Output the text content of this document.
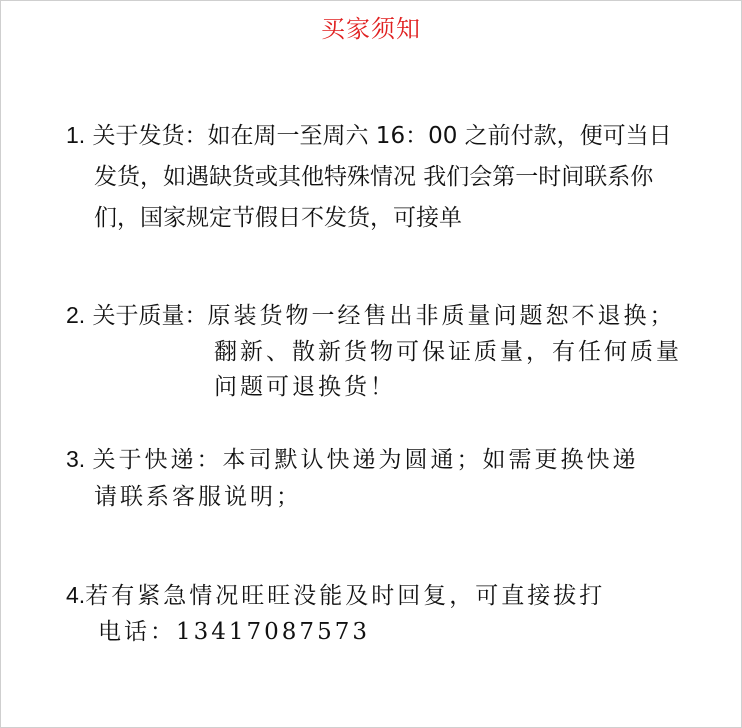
买家须知
1. 关于发货：如在周一至周六 16：00 之前付款，便可当日
发货，如遇缺货或其他特殊情况 我们会第一时间联系你
们，国家规定节假日不发货，可接单
2. 关于质量：原装货物一经售出非质量问题恕不退换；
翻新、散新货物可保证质量，有任何质量
问题可退换货！
3. 关于快递：本司默认快递为圆通；如需更换快递
请联系客服说明；
4.若有紧急情况旺旺没能及时回复，可直接拔打
电话：13417087573
